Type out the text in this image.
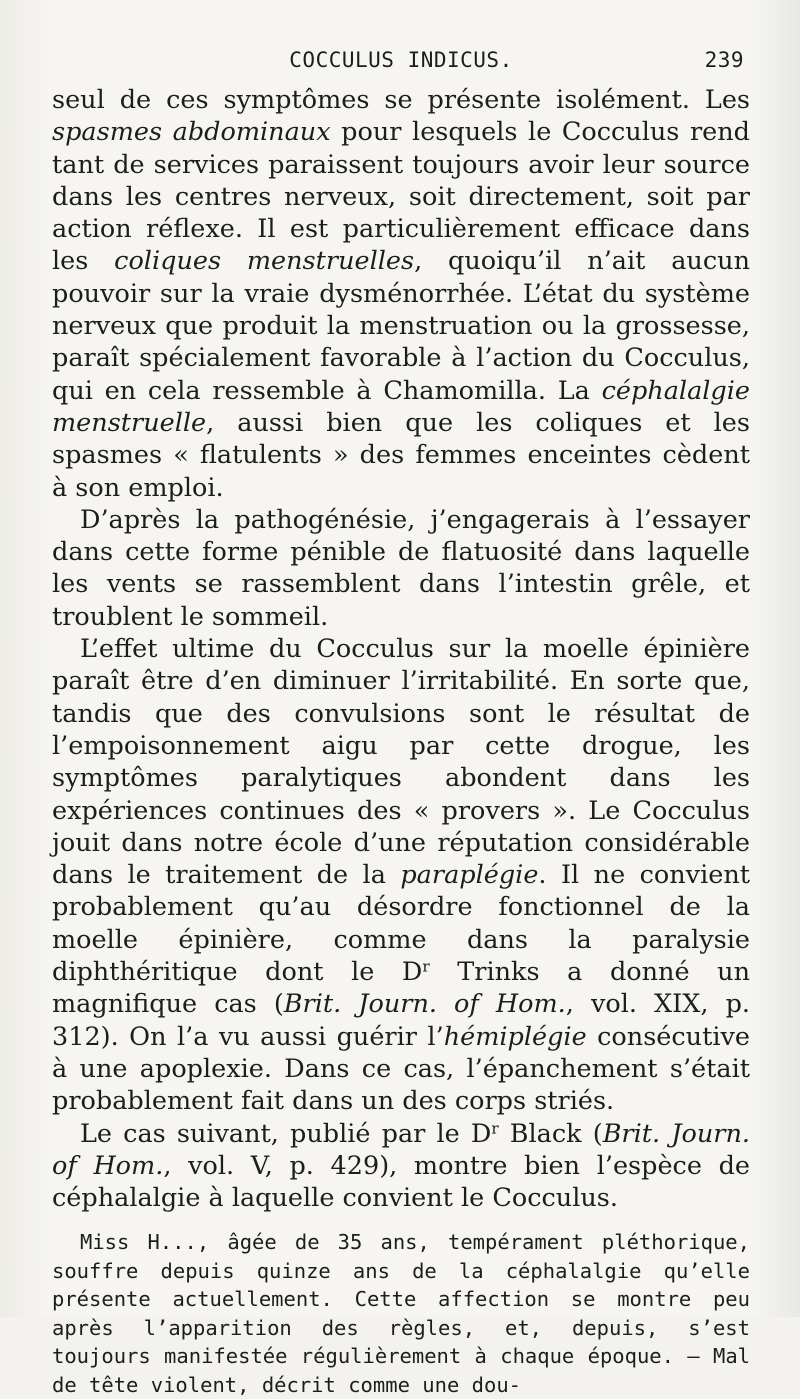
COCCULUS INDICUS.	239

seul de ces symptômes se présente isolément. Les spasmes abdominaux pour lesquels le Cocculus rend tant de services paraissent toujours avoir leur source dans les centres nerveux, soit directement, soit par action réflexe. Il est particulièrement efficace dans les coliques menstruelles, quoiqu’il n’ait aucun pouvoir sur la vraie dysménorrhée. L’état du système nerveux que produit la menstruation ou la grossesse, paraît spécialement favorable à l’action du Cocculus, qui en cela ressemble à Chamomilla. La céphalalgie menstruelle, aussi bien que les coliques et les spasmes « flatulents » des femmes enceintes cèdent à son emploi.

D’après la pathogénésie, j’engagerais à l’essayer dans cette forme pénible de flatuosité dans laquelle les vents se rassemblent dans l’intestin grêle, et troublent le sommeil.

L’effet ultime du Cocculus sur la moelle épinière paraît être d’en diminuer l’irritabilité. En sorte que, tandis que des convulsions sont le résultat de l’empoisonnement aigu par cette drogue, les symptômes paralytiques abondent dans les expériences continues des « provers ». Le Cocculus jouit dans notre école d’une réputation considérable dans le traitement de la paraplégie. Il ne convient probablement qu’au désordre fonctionnel de la moelle épinière, comme dans la paralysie diphthéritique dont le $D^r$ Trinks a donné un magnifique cas (Brit. Journ. of Hom., vol. XIX, p. 312). On l’a vu aussi guérir l’hémiplégie consécutive à une apoplexie. Dans ce cas, l’épanchement s’était probablement fait dans un des corps striés.

Le cas suivant, publié par le $D^r$ Black (Brit. Journ. of Hom., vol. V, p. 429), montre bien l’espèce de céphalalgie à laquelle convient le Cocculus.

Miss H..., âgée de 35 ans, tempérament pléthorique, souffre depuis quinze ans de la céphalalgie qu’elle présente actuellement. Cette affection se montre peu après l’apparition des règles, et, depuis, s’est toujours manifestée régulièrement à chaque époque. — Mal de tête violent, décrit comme une dou-
